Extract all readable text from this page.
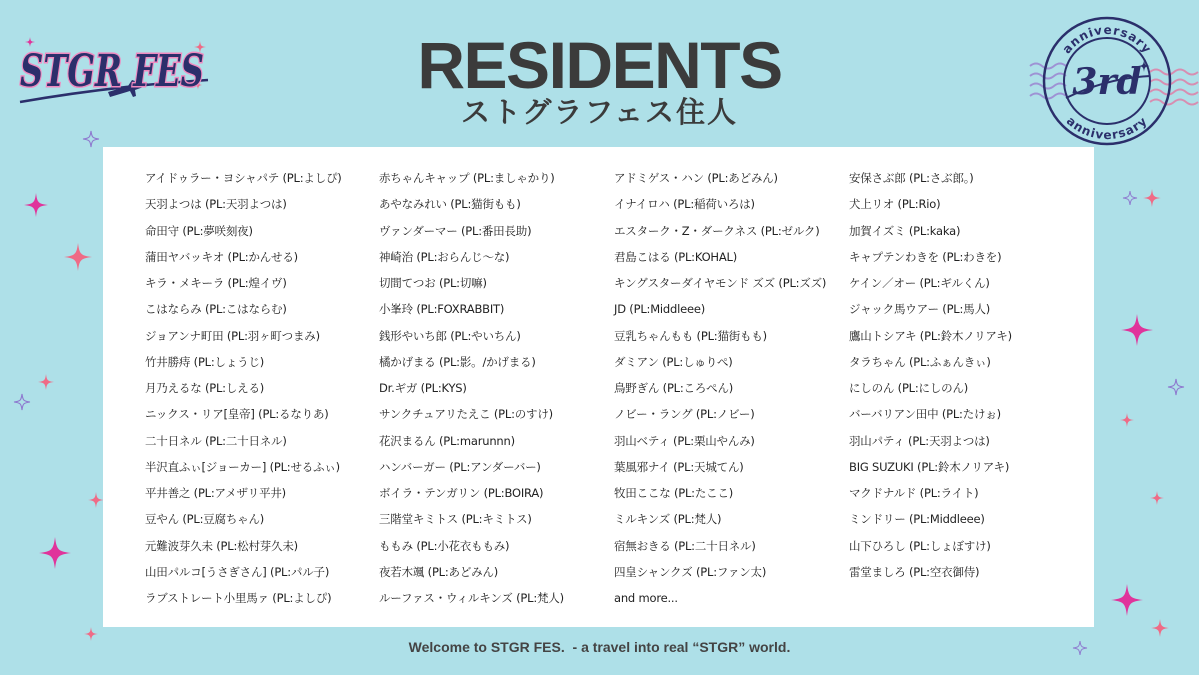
STGR FES	anniversary
anniversary
3rd
RESIDENTS
ストグラフェス住人
アイドゥラー・ヨシャパテ (PL:よしぴ)
天羽よつは (PL:天羽よつは)
命田守 (PL:夢咲刻夜)
蒲田ヤバッキオ (PL:かんせる)
キラ・メキーラ (PL:煌イヴ)
こはならみ (PL:こはならむ)
ジョアンナ町田 (PL:羽ヶ町つまみ)
竹井勝痔 (PL:しょうじ)
月乃えるな (PL:しえる)
ニックス・リア[皇帝] (PL:るなりあ)
二十日ネル (PL:二十日ネル)
半沢直ふぃ[ジョーカー] (PL:せるふぃ)
平井善之 (PL:アメザリ平井)
豆やん (PL:豆腐ちゃん)
元難波芽久未 (PL:松村芽久未)
山田パルコ[うさぎさん] (PL:パル子)
ラブストレート小里馬ァ (PL:よしぴ)
赤ちゃんキャップ (PL:ましゃかり)
あやなみれい (PL:猫街もも)
ヴァンダーマー (PL:番田長助)
神崎治 (PL:おらんじ～な)
切間てつお (PL:切嘛)
小峯玲 (PL:FOXRABBIT)
銭形やいち郎 (PL:やいちん)
橘かげまる (PL:影。/かげまる)
Dr.ギガ (PL:KYS)
サンクチュアリたえこ (PL:のすけ)
花沢まるん (PL:marunnn)
ハンバーガー (PL:アンダーバー)
ボイラ・テンガリン (PL:BOIRA)
三階堂キミトス (PL:キミトス)
ももみ (PL:小花衣ももみ)
夜若木颯 (PL:あどみん)
ルーファス・ウィルキンズ (PL:梵人)
アドミゲス・ハン (PL:あどみん)
イナイロハ (PL:稲荷いろは)
エスターク・Z・ダークネス (PL:ゼルク)
君島こはる (PL:KOHAL)
キングスターダイヤモンド ズズ (PL:ズズ)
JD (PL:Middleee)
豆乳ちゃんもも (PL:猫街もも)
ダミアン (PL:しゅりぺ)
鳥野ぎん (PL:ころぺん)
ノビー・ラング (PL:ノビー)
羽山ベティ (PL:栗山やんみ)
葉風邪ナイ (PL:天城てん)
牧田ここな (PL:たここ)
ミルキンズ (PL:梵人)
宿無おきる (PL:二十日ネル)
四皇シャンクズ (PL:ファン太)
and more...
安保さぶ郎 (PL:さぶ郎。)
犬上リオ (PL:Rio)
加賀イズミ (PL:kaka)
キャプテンわきを (PL:わきを)
ケイン／オー (PL:ギルくん)
ジャック馬ウアー (PL:馬人)
鷹山トシアキ (PL:鈴木ノリアキ)
タラちゃん (PL:ふぁんきぃ)
にしのん (PL:にしのん)
バーバリアン田中 (PL:たけぉ)
羽山パティ (PL:天羽よつは)
BIG SUZUKI (PL:鈴木ノリアキ)
マクドナルド (PL:ライト)
ミンドリー (PL:Middleee)
山下ひろし (PL:しょぼすけ)
雷堂ましろ (PL:空衣御侍)
Welcome to STGR FES.  - a travel into real “STGR” world.
